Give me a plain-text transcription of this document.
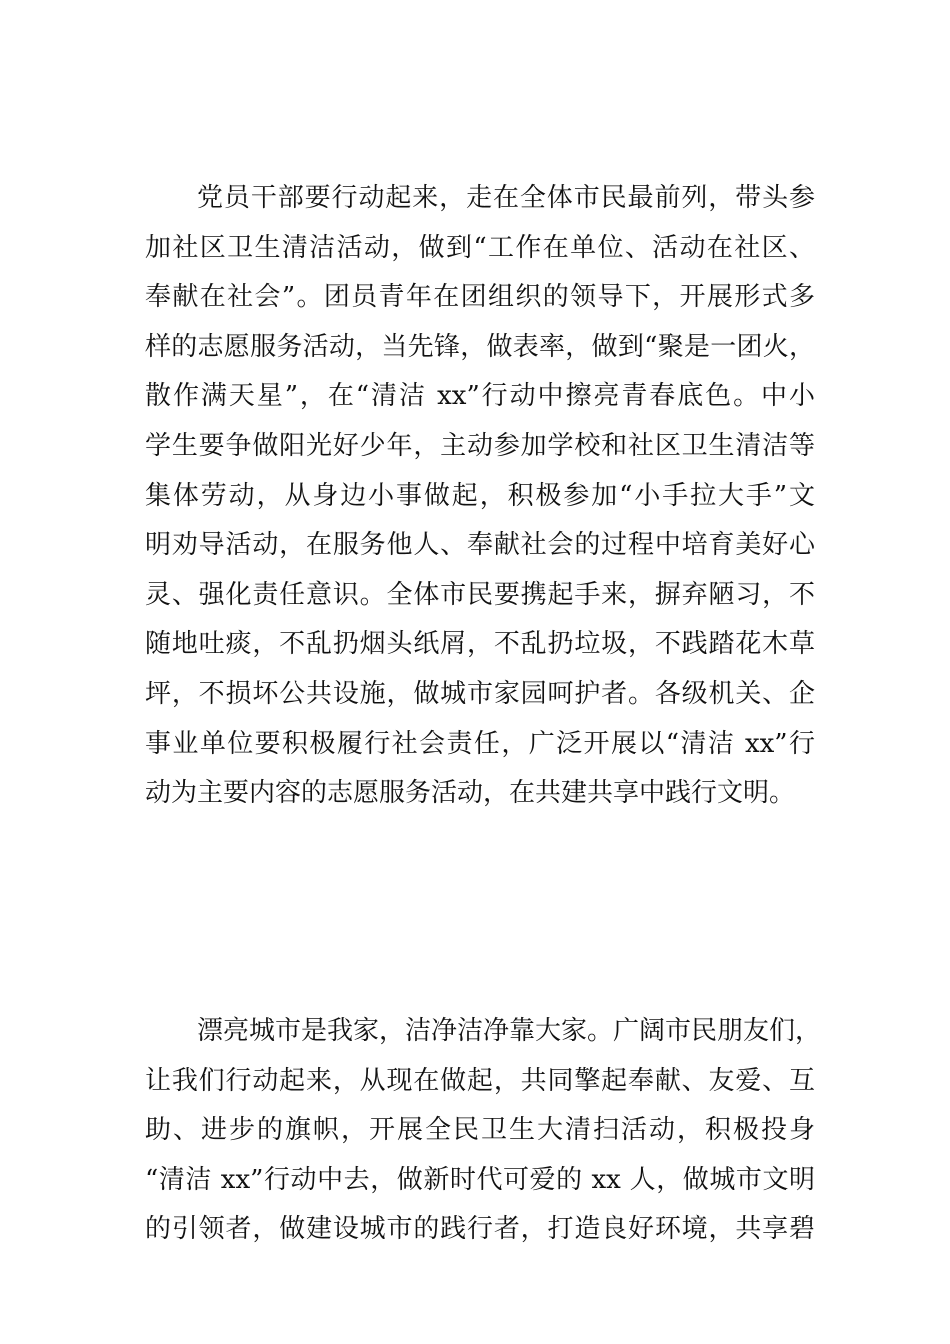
党员干部要行动起来，走在全体市民最前列，带头参
加社区卫生清洁活动，做到“工作在单位、活动在社区、
奉献在社会”。团员青年在团组织的领导下，开展形式多
样的志愿服务活动，当先锋，做表率，做到“聚是一团火，
散作满天星”，在“清洁 xx”行动中擦亮青春底色。中小
学生要争做阳光好少年，主动参加学校和社区卫生清洁等
集体劳动，从身边小事做起，积极参加“小手拉大手”文
明劝导活动，在服务他人、奉献社会的过程中培育美好心
灵、强化责任意识。全体市民要携起手来，摒弃陋习，不
随地吐痰，不乱扔烟头纸屑，不乱扔垃圾，不践踏花木草
坪，不损坏公共设施，做城市家园呵护者。各级机关、企
事业单位要积极履行社会责任，广泛开展以“清洁 xx”行
动为主要内容的志愿服务活动，在共建共享中践行文明。
漂亮城市是我家，洁净洁净靠大家。广阔市民朋友们，
让我们行动起来，从现在做起，共同擎起奉献、友爱、互
助、进步的旗帜，开展全民卫生大清扫活动，积极投身
“清洁 xx”行动中去，做新时代可爱的 xx 人，做城市文明
的引领者，做建设城市的践行者，打造良好环境，共享碧
